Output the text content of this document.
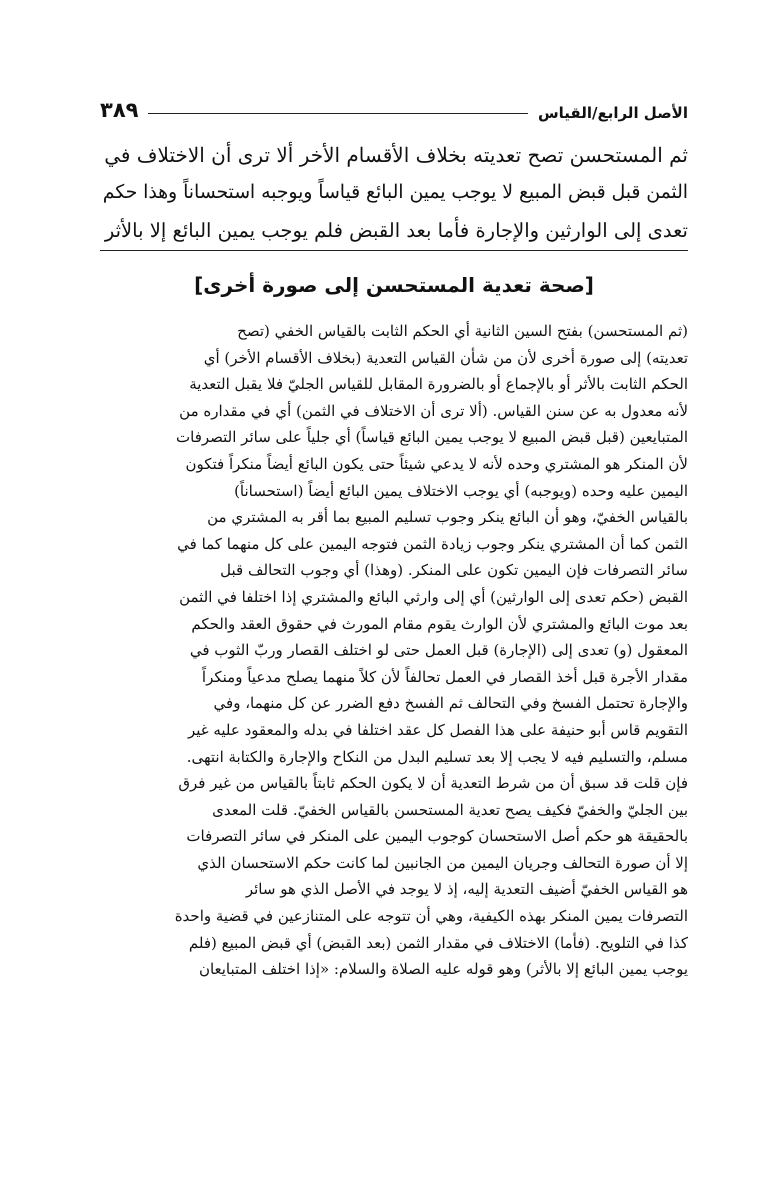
الأصل الرابع/القياس
٣٨٩

ثم المستحسن تصح تعديته بخلاف الأقسام الأخر ألا ترى أن الاختلاف في

الثمن قبل قبض المبيع لا يوجب يمين البائع قياساً ويوجبه استحساناً وهذا حكم

تعدى إلى الوارثين والإجارة فأما بعد القبض فلم يوجب يمين البائع إلا بالأثر

[صحة تعدية المستحسن إلى صورة أخرى]

(ثم المستحسن) بفتح السين الثانية أي الحكم الثابت بالقياس الخفي (تصح

تعديته) إلى صورة أخرى لأن من شأن القياس التعدية (بخلاف الأقسام الأخر) أي

الحكم الثابت بالأثر أو بالإجماع أو بالضرورة المقابل للقياس الجليّ فلا يقبل التعدية

لأنه معدول به عن سنن القياس. (ألا ترى أن الاختلاف في الثمن) أي في مقداره من

المتبايعين (قبل قبض المبيع لا يوجب يمين البائع قياساً) أي جلياً على سائر التصرفات

لأن المنكر هو المشتري وحده لأنه لا يدعي شيئاً حتى يكون البائع أيضاً منكراً فتكون

اليمين عليه وحده (ويوجبه) أي يوجب الاختلاف يمين البائع أيضاً (استحساناً)

بالقياس الخفيّ، وهو أن البائع ينكر وجوب تسليم المبيع بما أقر به المشتري من

الثمن كما أن المشتري ينكر وجوب زيادة الثمن فتوجه اليمين على كل منهما كما في

سائر التصرفات فإن اليمين تكون على المنكر. (وهذا) أي وجوب التحالف قبل

القبض (حكم تعدى إلى الوارثين) أي إلى وارثي البائع والمشتري إذا اختلفا في الثمن

بعد موت البائع والمشتري لأن الوارث يقوم مقام المورث في حقوق العقد والحكم

المعقول (و) تعدى إلى (الإجارة) قبل العمل حتى لو اختلف القصار وربّ الثوب في

مقدار الأجرة قبل أخذ القصار في العمل تحالفاً لأن كلاً منهما يصلح مدعياً ومنكراً

والإجارة تحتمل الفسخ وفي التحالف ثم الفسخ دفع الضرر عن كل منهما، وفي

التقويم قاس أبو حنيفة على هذا الفصل كل عقد اختلفا في بدله والمعقود عليه غير

مسلم، والتسليم فيه لا يجب إلا بعد تسليم البدل من النكاح والإجارة والكتابة انتهى.

فإن قلت قد سبق أن من شرط التعدية أن لا يكون الحكم ثابتاً بالقياس من غير فرق

بين الجليّ والخفيّ فكيف يصح تعدية المستحسن بالقياس الخفيّ. قلت المعدى

بالحقيقة هو حكم أصل الاستحسان كوجوب اليمين على المنكر في سائر التصرفات

إلا أن صورة التحالف وجريان اليمين من الجانبين لما كانت حكم الاستحسان الذي

هو القياس الخفيّ أضيف التعدية إليه، إذ لا يوجد في الأصل الذي هو سائر

التصرفات يمين المنكر بهذه الكيفية، وهي أن تتوجه على المتنازعين في قضية واحدة

كذا في التلويح. (فأما) الاختلاف في مقدار الثمن (بعد القبض) أي قبض المبيع (فلم

يوجب يمين البائع إلا بالأثر) وهو قوله عليه الصلاة والسلام: «إذا اختلف المتبايعان
